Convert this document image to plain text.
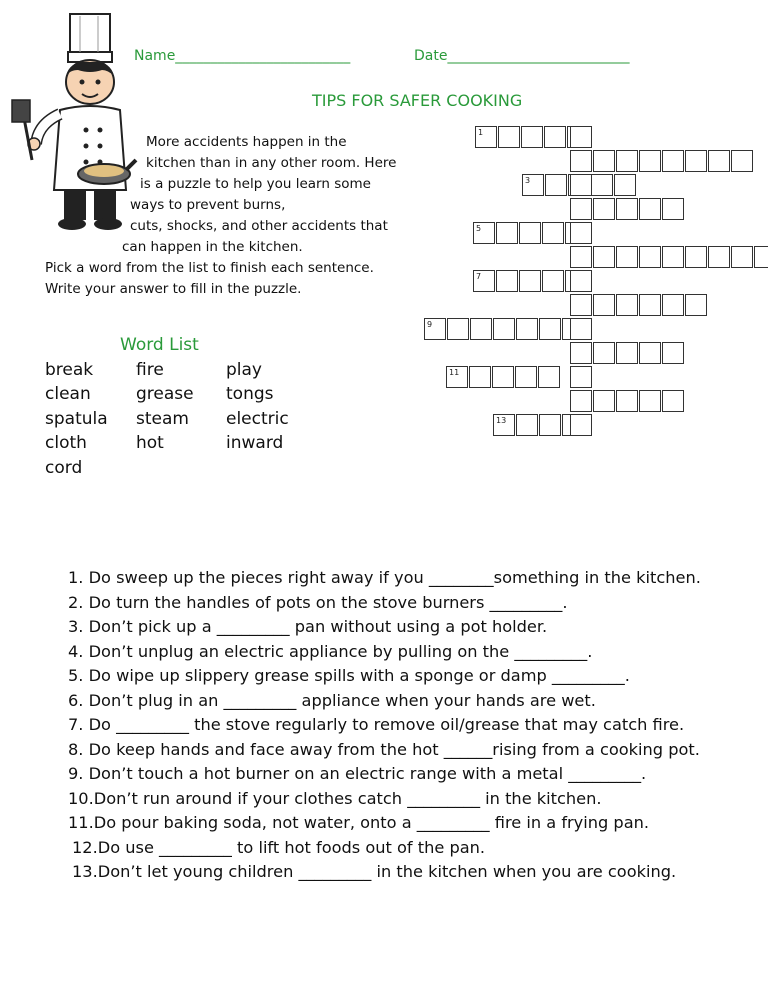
Name_________________________	Date__________________________
TIPS FOR SAFER COOKING
More accidents happen in the
kitchen than in any other room. Here
is a puzzle to help you learn some
ways to prevent burns,
cuts, shocks, and other accidents that
can happen in the kitchen.
Pick a word from the list to finish each sentence.
Write your answer to fill in the puzzle.
Word List
break	fire	play
clean	grease tongs
spatula steam electric
cloth	hot	inward
cord
1
3
5
7
9
11
13
1. Do sweep up the pieces right away if you ________something in the kitchen.
2. Do turn the handles of pots on the stove burners _________.
3. Don’t pick up a _________ pan without using a pot holder.
4. Don’t unplug an electric appliance by pulling on the _________.
5. Do wipe up slippery grease spills with a sponge or damp _________.
6. Don’t plug in an _________ appliance when your hands are wet.
7. Do _________ the stove regularly to remove oil/grease that may catch fire.
8. Do keep hands and face away from the hot ______rising from a cooking pot.
9. Don’t touch a hot burner on an electric range with a metal _________.
10.Don’t run around if your clothes catch _________ in the kitchen.
11.Do pour baking soda, not water, onto a _________ fire in a frying pan.
12.Do use _________ to lift hot foods out of the pan.
13.Don’t let young children _________ in the kitchen when you are cooking.
